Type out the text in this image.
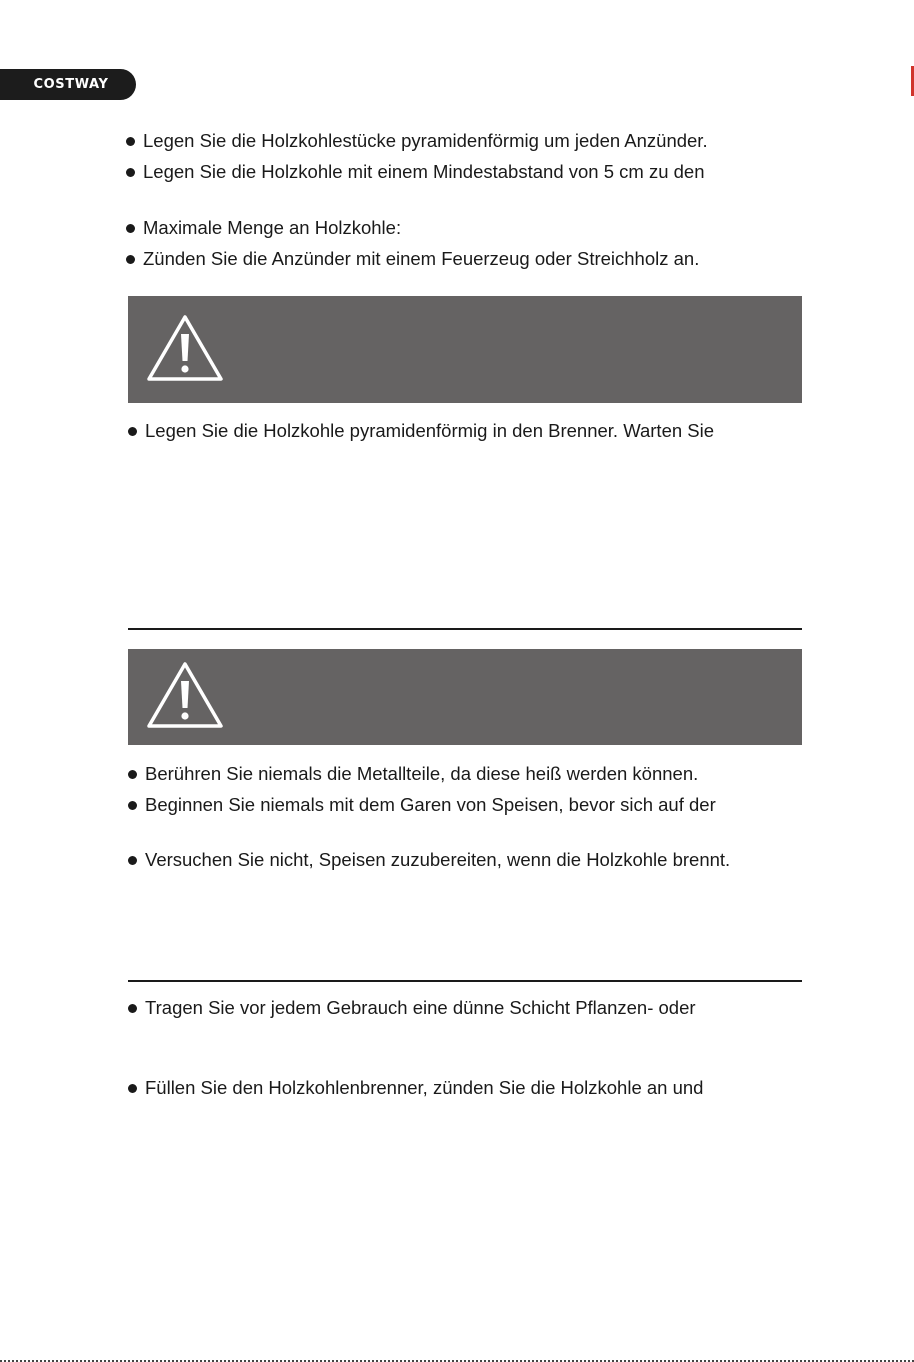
COSTWAY
Legen Sie die Holzkohlestücke pyramidenförmig um jeden Anzünder.
Legen Sie die Holzkohle mit einem Mindestabstand von 5 cm zu den
Maximale Menge an Holzkohle:
Zünden Sie die Anzünder mit einem Feuerzeug oder Streichholz an.
Legen Sie die Holzkohle pyramidenförmig in den Brenner. Warten Sie
Berühren Sie niemals die Metallteile, da diese heiß werden können.
Beginnen Sie niemals mit dem Garen von Speisen, bevor sich auf der
Versuchen Sie nicht, Speisen zuzubereiten, wenn die Holzkohle brennt.
Tragen Sie vor jedem Gebrauch eine dünne Schicht Pflanzen- oder
Füllen Sie den Holzkohlenbrenner, zünden Sie die Holzkohle an und
